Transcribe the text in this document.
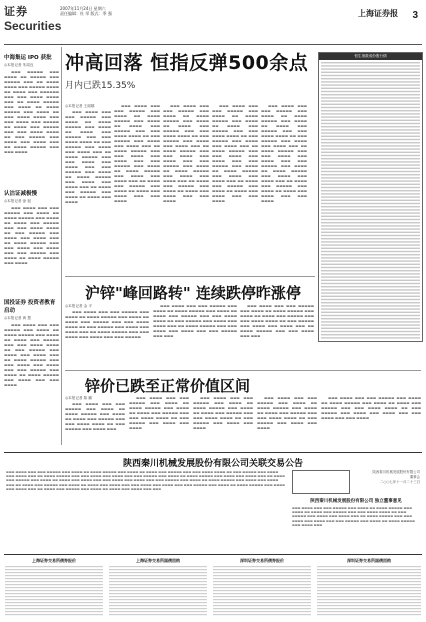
证券
Securities
2007年11月24日 星期六
责任编辑：杜 翠 版式：季 强	上海证券报 3
中海集运 IPO 获批
◎本报记者 朱周良

▬▬▬ ▬▬▬▬▬ ▬▬▬ ▬▬▬▬ ▬▬ ▬▬▬▬▬ ▬▬▬ ▬▬▬▬▬ ▬▬▬ ▬▬ ▬▬▬▬ ▬▬▬▬ ▬▬▬ ▬▬▬▬▬ ▬▬▬▬ ▬▬ ▬▬▬▬ ▬▬▬ ▬▬▬▬▬▬ ▬▬▬ ▬▬▬ ▬▬▬▬ ▬▬▬▬ ▬▬▬ ▬▬ ▬▬▬▬ ▬▬▬▬▬ ▬▬▬ ▬▬▬▬ ▬▬ ▬▬▬▬ ▬▬▬▬▬ ▬▬▬ ▬▬▬▬ ▬▬ ▬▬▬ ▬▬▬▬ ▬▬▬▬ ▬▬▬ ▬▬▬ ▬▬▬▬ ▬▬▬ ▬▬▬▬▬ ▬▬ ▬▬▬▬ ▬▬▬ ▬▬▬▬▬ ▬▬▬ ▬▬▬ ▬▬▬▬ ▬▬▬▬ ▬▬ ▬▬▬ ▬▬▬▬▬ ▬▬▬ ▬▬▬▬ ▬▬▬ ▬▬▬▬ ▬▬▬ ▬▬ ▬▬▬▬ ▬▬▬▬▬ ▬▬▬ ▬▬▬ ▬▬▬▬

认沽证减极慢
◎本报记者 涂 挺

▬▬▬ ▬▬▬▬ ▬▬▬ ▬▬▬ ▬▬▬▬▬ ▬▬▬ ▬▬▬▬ ▬▬ ▬▬▬▬ ▬▬▬▬▬ ▬▬▬ ▬▬▬▬ ▬▬ ▬▬▬▬ ▬▬▬ ▬▬▬▬▬ ▬▬▬ ▬▬▬ ▬▬▬▬ ▬▬▬▬ ▬▬ ▬▬▬ ▬▬▬▬▬ ▬▬▬ ▬▬▬▬ ▬▬▬ ▬▬▬▬ ▬▬▬ ▬▬ ▬▬▬▬ ▬▬▬▬▬ ▬▬▬ ▬▬▬ ▬▬▬▬ ▬▬▬ ▬▬▬▬ ▬▬▬ ▬▬▬ ▬▬▬▬▬ ▬▬▬ ▬▬▬▬ ▬▬ ▬▬▬▬ ▬▬▬▬▬ ▬▬▬ ▬▬▬▬

国投证券 投资者教育启动
◎本报记者 黄 慧

▬▬▬ ▬▬▬▬ ▬▬▬ ▬▬▬ ▬▬▬▬▬ ▬▬▬ ▬▬▬▬ ▬▬ ▬▬▬▬ ▬▬▬▬▬ ▬▬▬ ▬▬▬▬ ▬▬ ▬▬▬▬ ▬▬▬ ▬▬▬▬▬ ▬▬▬ ▬▬▬ ▬▬▬▬ ▬▬▬▬ ▬▬ ▬▬▬ ▬▬▬▬▬ ▬▬▬ ▬▬▬▬ ▬▬▬ ▬▬▬▬ ▬▬▬ ▬▬ ▬▬▬▬ ▬▬▬▬▬ ▬▬▬ ▬▬▬ ▬▬▬▬ ▬▬▬ ▬▬▬▬ ▬▬▬ ▬▬▬ ▬▬▬▬▬ ▬▬▬ ▬▬▬▬ ▬▬ ▬▬▬▬ ▬▬▬▬▬ ▬▬▬ ▬▬▬▬ ▬▬▬ ▬▬▬ ▬▬▬▬

冲高回落 恒指反弹500余点
月内已跌15.35%
◎本报记者 王丽娜

▬▬▬ ▬▬▬▬ ▬▬▬ ▬▬▬ ▬▬▬▬▬ ▬▬▬ ▬▬▬▬ ▬▬ ▬▬▬▬ ▬▬▬▬▬ ▬▬▬ ▬▬▬▬ ▬▬ ▬▬▬▬ ▬▬▬ ▬▬▬▬▬ ▬▬▬ ▬▬▬ ▬▬▬▬ ▬▬▬▬ ▬▬ ▬▬▬ ▬▬▬▬▬ ▬▬▬ ▬▬▬▬ ▬▬▬ ▬▬▬▬ ▬▬▬ ▬▬ ▬▬▬▬ ▬▬▬▬▬ ▬▬▬ ▬▬▬ ▬▬▬▬ ▬▬▬ ▬▬▬▬ ▬▬▬ ▬▬▬ ▬▬▬▬▬ ▬▬▬ ▬▬▬▬ ▬▬ ▬▬▬▬ ▬▬▬▬▬ ▬▬▬ ▬▬▬▬ ▬▬▬ ▬▬▬▬ ▬▬▬ ▬▬ ▬▬▬▬ ▬▬▬ ▬▬▬▬▬ ▬▬▬ ▬▬▬▬ ▬▬ ▬▬▬▬ ▬▬▬ ▬▬▬▬

▬▬▬ ▬▬▬▬ ▬▬▬ ▬▬▬ ▬▬▬▬▬ ▬▬▬ ▬▬▬▬ ▬▬ ▬▬▬▬ ▬▬▬▬▬ ▬▬▬ ▬▬▬▬ ▬▬ ▬▬▬▬ ▬▬▬ ▬▬▬▬▬ ▬▬▬ ▬▬▬ ▬▬▬▬ ▬▬▬▬ ▬▬ ▬▬▬ ▬▬▬▬▬ ▬▬▬ ▬▬▬▬ ▬▬▬ ▬▬▬▬ ▬▬▬ ▬▬ ▬▬▬▬ ▬▬▬▬▬ ▬▬▬ ▬▬▬ ▬▬▬▬ ▬▬▬ ▬▬▬▬ ▬▬▬ ▬▬▬ ▬▬▬▬▬ ▬▬▬ ▬▬▬▬ ▬▬ ▬▬▬▬ ▬▬▬▬▬ ▬▬▬ ▬▬▬▬ ▬▬▬ ▬▬▬▬ ▬▬▬ ▬▬ ▬▬▬▬ ▬▬▬ ▬▬▬▬▬ ▬▬▬ ▬▬▬▬ ▬▬ ▬▬▬▬ ▬▬▬ ▬▬▬▬ ▬▬▬ ▬▬▬ ▬▬▬▬

▬▬▬ ▬▬▬▬ ▬▬▬ ▬▬▬ ▬▬▬▬▬ ▬▬▬ ▬▬▬▬ ▬▬ ▬▬▬▬ ▬▬▬▬▬ ▬▬▬ ▬▬▬▬ ▬▬ ▬▬▬▬ ▬▬▬ ▬▬▬▬▬ ▬▬▬ ▬▬▬ ▬▬▬▬ ▬▬▬▬ ▬▬ ▬▬▬ ▬▬▬▬▬ ▬▬▬ ▬▬▬▬ ▬▬▬ ▬▬▬▬ ▬▬▬ ▬▬ ▬▬▬▬ ▬▬▬▬▬ ▬▬▬ ▬▬▬ ▬▬▬▬ ▬▬▬ ▬▬▬▬ ▬▬▬ ▬▬▬ ▬▬▬▬▬ ▬▬▬ ▬▬▬▬ ▬▬ ▬▬▬▬ ▬▬▬▬▬ ▬▬▬ ▬▬▬▬ ▬▬▬ ▬▬▬▬ ▬▬▬ ▬▬ ▬▬▬▬ ▬▬▬ ▬▬▬▬▬ ▬▬▬ ▬▬▬▬ ▬▬ ▬▬▬▬ ▬▬▬ ▬▬▬▬ ▬▬▬ ▬▬▬ ▬▬▬▬

▬▬▬ ▬▬▬▬ ▬▬▬ ▬▬▬ ▬▬▬▬▬ ▬▬▬ ▬▬▬▬ ▬▬ ▬▬▬▬ ▬▬▬▬▬ ▬▬▬ ▬▬▬▬ ▬▬ ▬▬▬▬ ▬▬▬ ▬▬▬▬▬ ▬▬▬ ▬▬▬ ▬▬▬▬ ▬▬▬▬ ▬▬ ▬▬▬ ▬▬▬▬▬ ▬▬▬ ▬▬▬▬ ▬▬▬ ▬▬▬▬ ▬▬▬ ▬▬ ▬▬▬▬ ▬▬▬▬▬ ▬▬▬ ▬▬▬ ▬▬▬▬ ▬▬▬ ▬▬▬▬ ▬▬▬ ▬▬▬ ▬▬▬▬▬ ▬▬▬ ▬▬▬▬ ▬▬ ▬▬▬▬ ▬▬▬▬▬ ▬▬▬ ▬▬▬▬ ▬▬▬ ▬▬▬▬ ▬▬▬ ▬▬ ▬▬▬▬ ▬▬▬ ▬▬▬▬▬ ▬▬▬ ▬▬▬▬ ▬▬ ▬▬▬▬ ▬▬▬ ▬▬▬▬ ▬▬▬ ▬▬▬ ▬▬▬▬

▬▬▬ ▬▬▬▬ ▬▬▬ ▬▬▬ ▬▬▬▬▬ ▬▬▬ ▬▬▬▬ ▬▬ ▬▬▬▬ ▬▬▬▬▬ ▬▬▬ ▬▬▬▬ ▬▬ ▬▬▬▬ ▬▬▬ ▬▬▬▬▬ ▬▬▬ ▬▬▬ ▬▬▬▬ ▬▬▬▬ ▬▬ ▬▬▬ ▬▬▬▬▬ ▬▬▬ ▬▬▬▬ ▬▬▬ ▬▬▬▬ ▬▬▬ ▬▬ ▬▬▬▬ ▬▬▬▬▬ ▬▬▬ ▬▬▬ ▬▬▬▬ ▬▬▬ ▬▬▬▬ ▬▬▬ ▬▬▬ ▬▬▬▬▬ ▬▬▬ ▬▬▬▬ ▬▬ ▬▬▬▬ ▬▬▬▬▬ ▬▬▬ ▬▬▬▬ ▬▬▬ ▬▬▬▬ ▬▬▬ ▬▬ ▬▬▬▬ ▬▬▬ ▬▬▬▬▬ ▬▬▬ ▬▬▬▬ ▬▬ ▬▬▬▬ ▬▬▬ ▬▬▬▬ ▬▬▬ ▬▬▬ ▬▬▬▬

恒生指数成份股行情
沪锌"峰回路转" 连续跌停昨涨停
◎本报记者 金 平

▬▬▬ ▬▬▬▬ ▬▬▬ ▬▬▬ ▬▬▬▬▬ ▬▬▬ ▬▬▬▬ ▬▬ ▬▬▬▬ ▬▬▬▬▬ ▬▬▬ ▬▬▬▬ ▬▬ ▬▬▬▬ ▬▬▬ ▬▬▬▬▬ ▬▬▬ ▬▬▬ ▬▬▬▬ ▬▬▬▬ ▬▬ ▬▬▬ ▬▬▬▬▬ ▬▬▬ ▬▬▬▬ ▬▬▬ ▬▬▬▬ ▬▬▬ ▬▬ ▬▬▬▬ ▬▬▬▬▬ ▬▬▬ ▬▬▬ ▬▬▬▬ ▬▬▬ ▬▬▬▬ ▬▬▬ ▬▬▬ ▬▬▬▬▬

▬▬▬ ▬▬▬▬ ▬▬▬ ▬▬▬ ▬▬▬▬▬ ▬▬▬ ▬▬▬▬ ▬▬ ▬▬▬▬ ▬▬▬▬▬ ▬▬▬ ▬▬▬▬ ▬▬ ▬▬▬▬ ▬▬▬ ▬▬▬▬▬ ▬▬▬ ▬▬▬ ▬▬▬▬ ▬▬▬▬ ▬▬ ▬▬▬ ▬▬▬▬▬ ▬▬▬ ▬▬▬▬ ▬▬▬ ▬▬▬▬ ▬▬▬ ▬▬ ▬▬▬▬ ▬▬▬▬▬ ▬▬▬ ▬▬▬ ▬▬▬▬ ▬▬▬ ▬▬▬▬ ▬▬▬ ▬▬▬ ▬▬▬▬▬ ▬▬▬ ▬▬▬

▬▬▬ ▬▬▬▬ ▬▬▬ ▬▬▬ ▬▬▬▬▬ ▬▬▬ ▬▬▬▬ ▬▬ ▬▬▬▬ ▬▬▬▬▬ ▬▬▬ ▬▬▬▬ ▬▬ ▬▬▬▬ ▬▬▬ ▬▬▬▬▬ ▬▬▬ ▬▬▬ ▬▬▬▬ ▬▬▬▬ ▬▬ ▬▬▬ ▬▬▬▬▬ ▬▬▬ ▬▬▬▬ ▬▬▬ ▬▬▬▬ ▬▬▬ ▬▬ ▬▬▬▬ ▬▬▬▬▬ ▬▬▬ ▬▬▬ ▬▬▬▬ ▬▬▬ ▬▬▬

锌价已跌至正常价值区间
◎本报记者 陈 鹏

▬▬▬ ▬▬▬▬ ▬▬▬ ▬▬▬ ▬▬▬▬▬ ▬▬▬ ▬▬▬▬ ▬▬ ▬▬▬▬ ▬▬▬▬▬ ▬▬▬ ▬▬▬▬ ▬▬ ▬▬▬▬ ▬▬▬ ▬▬▬▬▬ ▬▬▬ ▬▬▬ ▬▬▬▬ ▬▬▬▬ ▬▬ ▬▬▬ ▬▬▬▬▬ ▬▬▬ ▬▬▬▬ ▬▬▬

▬▬▬ ▬▬▬▬ ▬▬▬ ▬▬▬ ▬▬▬▬▬ ▬▬▬ ▬▬▬▬ ▬▬ ▬▬▬▬ ▬▬▬▬▬ ▬▬▬ ▬▬▬▬ ▬▬ ▬▬▬▬ ▬▬▬ ▬▬▬▬▬ ▬▬▬ ▬▬▬ ▬▬▬▬ ▬▬▬▬ ▬▬ ▬▬▬ ▬▬▬▬▬ ▬▬▬ ▬▬▬▬ ▬▬▬ ▬▬▬▬

▬▬▬ ▬▬▬▬ ▬▬▬ ▬▬▬ ▬▬▬▬▬ ▬▬▬ ▬▬▬▬ ▬▬ ▬▬▬▬ ▬▬▬▬▬ ▬▬▬ ▬▬▬▬ ▬▬ ▬▬▬▬ ▬▬▬ ▬▬▬▬▬ ▬▬▬ ▬▬▬ ▬▬▬▬ ▬▬▬▬ ▬▬ ▬▬▬ ▬▬▬▬▬ ▬▬▬ ▬▬▬▬ ▬▬▬ ▬▬▬▬

▬▬▬ ▬▬▬▬ ▬▬▬ ▬▬▬ ▬▬▬▬▬ ▬▬▬ ▬▬▬▬ ▬▬ ▬▬▬▬ ▬▬▬▬▬ ▬▬▬ ▬▬▬▬ ▬▬ ▬▬▬▬ ▬▬▬ ▬▬▬▬▬ ▬▬▬ ▬▬▬ ▬▬▬▬ ▬▬▬▬ ▬▬ ▬▬▬ ▬▬▬▬▬ ▬▬▬ ▬▬▬▬ ▬▬▬ ▬▬▬▬

▬▬▬ ▬▬▬▬ ▬▬▬ ▬▬▬ ▬▬▬▬▬ ▬▬▬ ▬▬▬▬ ▬▬ ▬▬▬▬ ▬▬▬▬▬ ▬▬▬ ▬▬▬▬ ▬▬ ▬▬▬▬ ▬▬▬ ▬▬▬▬▬ ▬▬▬ ▬▬▬ ▬▬▬▬ ▬▬▬▬ ▬▬ ▬▬▬ ▬▬▬▬▬ ▬▬▬ ▬▬▬▬ ▬▬▬ ▬▬▬▬ ▬▬▬ ▬▬▬ ▬▬▬▬ ▬▬▬ ▬▬▬ ▬▬▬▬

陕西秦川机械发展股份有限公司关联交易公告
▬▬▬ ▬▬▬▬ ▬▬▬ ▬▬▬ ▬▬▬▬▬ ▬▬▬ ▬▬▬▬ ▬▬ ▬▬▬▬ ▬▬▬▬▬ ▬▬▬ ▬▬▬▬ ▬▬ ▬▬▬▬ ▬▬▬ ▬▬▬▬▬ ▬▬▬ ▬▬▬ ▬▬▬▬ ▬▬▬▬ ▬▬ ▬▬▬ ▬▬▬▬▬ ▬▬▬ ▬▬▬▬ ▬▬▬ ▬▬▬▬ ▬▬▬ ▬▬ ▬▬▬▬ ▬▬▬▬▬ ▬▬▬ ▬▬▬ ▬▬▬▬ ▬▬▬ ▬▬▬▬ ▬▬▬ ▬▬▬ ▬▬▬▬▬ ▬▬▬ ▬▬▬▬ ▬▬ ▬▬▬▬ ▬▬▬▬▬ ▬▬▬ ▬▬▬▬ ▬▬▬ ▬▬▬▬ ▬▬▬ ▬▬ ▬▬▬▬ ▬▬▬ ▬▬▬▬▬ ▬▬▬ ▬▬▬▬ ▬▬ ▬▬▬▬ ▬▬▬ ▬▬▬▬ ▬▬▬ ▬▬▬ ▬▬▬▬ ▬▬▬ ▬▬▬▬ ▬▬▬ ▬▬▬ ▬▬▬▬▬ ▬▬▬ ▬▬▬▬ ▬▬ ▬▬▬▬ ▬▬▬▬▬ ▬▬▬ ▬▬▬▬ ▬▬▬ ▬▬▬▬ ▬▬▬ ▬▬ ▬▬▬▬ ▬▬▬ ▬▬▬▬▬ ▬▬▬ ▬▬▬▬ ▬▬ ▬▬▬▬ ▬▬▬ ▬▬▬▬ ▬▬▬ ▬▬▬ ▬▬▬▬ ▬▬▬ ▬▬▬▬ ▬▬▬ ▬▬▬ ▬▬▬▬▬ ▬▬▬ ▬▬▬▬ ▬▬ ▬▬▬▬ ▬▬▬▬▬ ▬▬▬ ▬▬▬▬ ▬▬▬ ▬▬▬▬ ▬▬▬ ▬▬ ▬▬▬▬ ▬▬▬ ▬▬▬▬▬ ▬▬▬ ▬▬▬▬ ▬▬ ▬▬▬▬ ▬▬▬ ▬▬▬▬ ▬▬▬ ▬▬▬
陕西秦川机械发展股份有限公司
董事会
二○○七年十一月二十三日
陕西秦川机械发展股份有限公司 独立董事意见
▬▬▬ ▬▬▬▬ ▬▬▬ ▬▬▬ ▬▬▬▬▬ ▬▬▬ ▬▬▬▬ ▬▬ ▬▬▬▬ ▬▬▬▬▬ ▬▬▬ ▬▬▬▬ ▬▬ ▬▬▬▬ ▬▬▬ ▬▬▬▬▬ ▬▬▬ ▬▬▬ ▬▬▬▬ ▬▬▬▬ ▬▬ ▬▬▬ ▬▬▬▬▬ ▬▬▬ ▬▬▬▬ ▬▬▬ ▬▬▬▬ ▬▬▬ ▬▬ ▬▬▬▬ ▬▬▬▬▬ ▬▬▬ ▬▬▬ ▬▬▬▬ ▬▬▬ ▬▬▬▬ ▬▬▬ ▬▬▬ ▬▬▬▬▬ ▬▬▬ ▬▬▬▬ ▬▬ ▬▬▬▬ ▬▬▬▬▬ ▬▬▬ ▬▬▬▬ ▬▬▬
上海证券交易所债券报价	上海证券交易所国债回购	深圳证券交易所债券报价	深圳证券交易所国债回购
